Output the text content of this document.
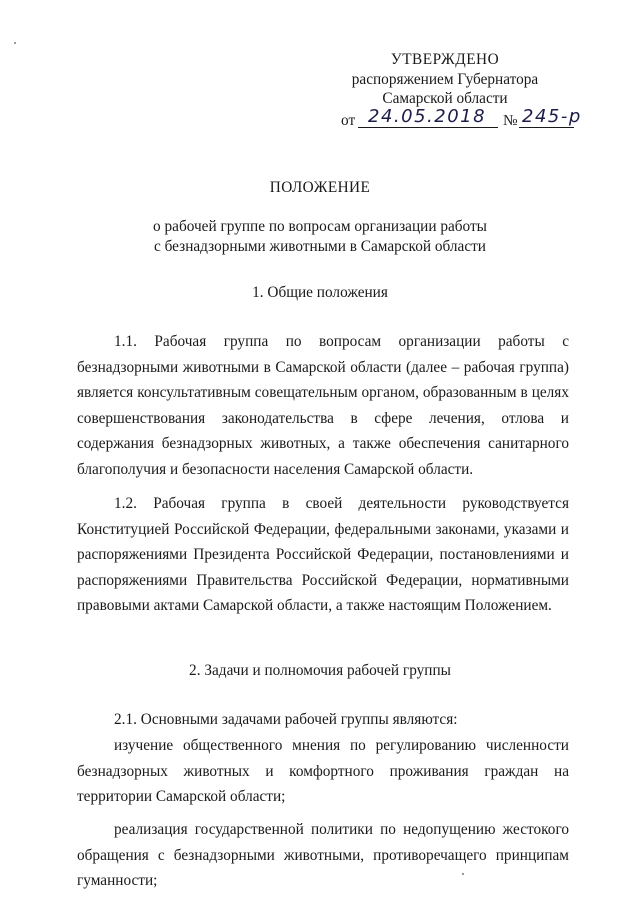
УТВЕРЖДЕНО
распоряжением Губернатора
Самарской области
от 24.05.2018 № 245-р
ПОЛОЖЕНИЕ
о рабочей группе по вопросам организации работы
с безнадзорными животными в Самарской области
1. Общие положения

1.1. Рабочая группа по вопросам организации работы с безнадзорными животными в Самарской области (далее – рабочая группа) является консультативным совещательным органом, образованным в целях совершенствования законодательства в сфере лечения, отлова и содержания безнадзорных животных, а также обеспечения санитарного благополучия и безопасности населения Самарской области.

1.2. Рабочая группа в своей деятельности руководствуется Конституцией Российской Федерации, федеральными законами, указами и распоряжениями Президента Российской Федерации, постановлениями и распоряжениями Правительства Российской Федерации, нормативными правовыми актами Самарской области, а также настоящим Положением.

2. Задачи и полномочия рабочей группы

2.1. Основными задачами рабочей группы являются:

изучение общественного мнения по регулированию численности безнадзорных животных и комфортного проживания граждан на территории Самарской области;

реализация государственной политики по недопущению жестокого обращения с безнадзорными животными, противоречащего принципам гуманности;
